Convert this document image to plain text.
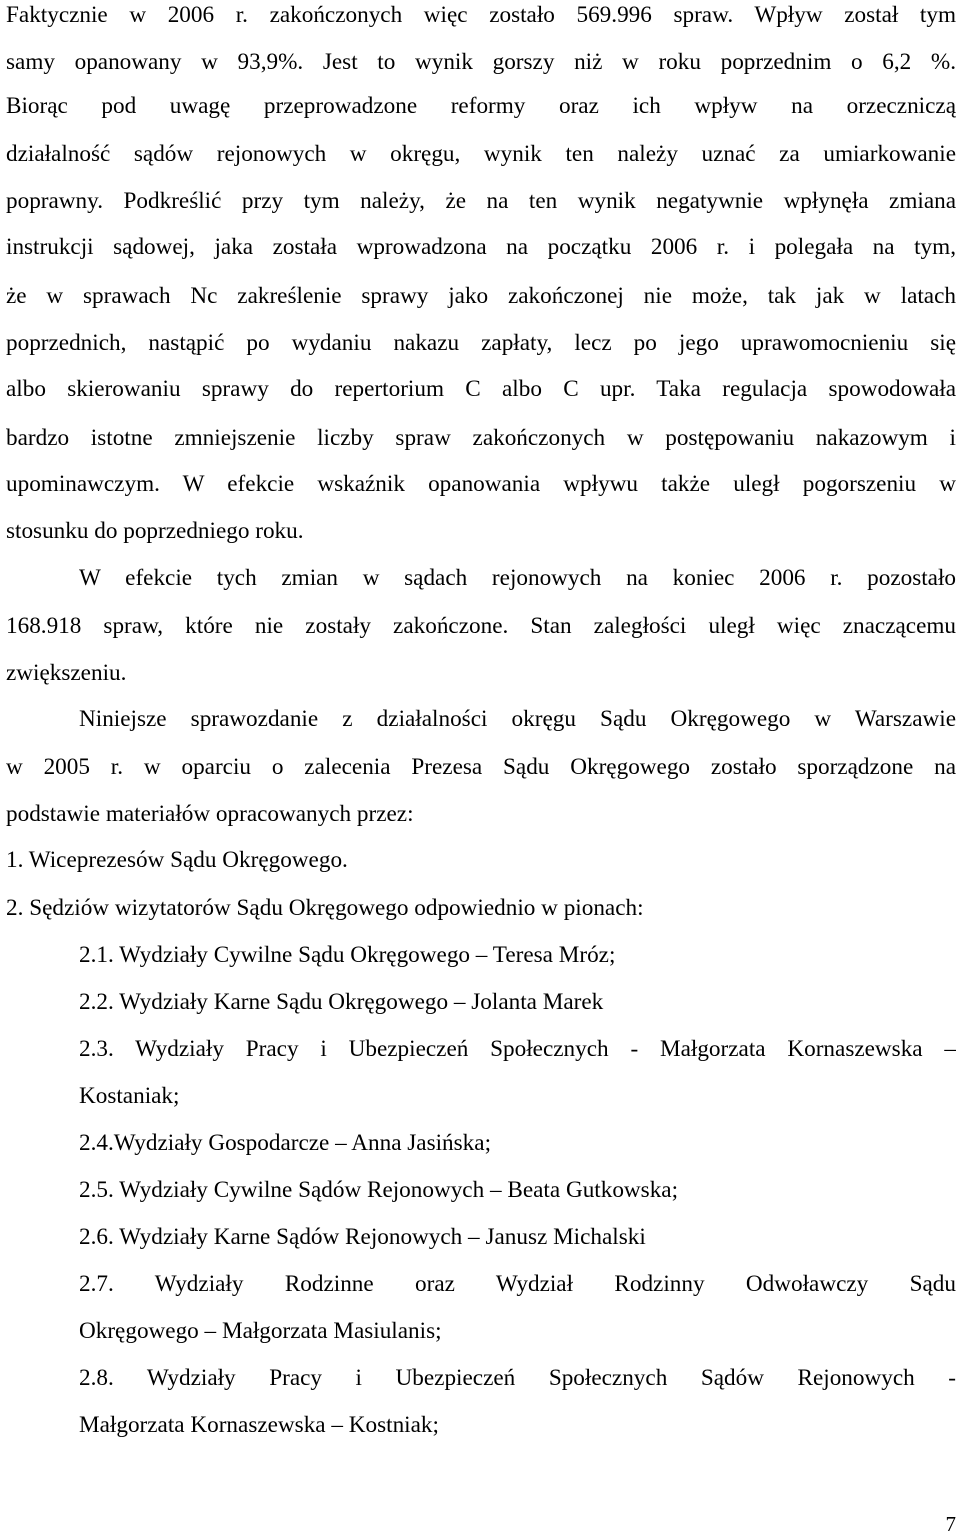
Faktycznie w 2006 r. zakończonych więc zostało 569.996 spraw. Wpływ został tym
samy opanowany w 93,9%. Jest to wynik gorszy niż w roku poprzednim o 6,2 %.
Biorąc pod uwagę przeprowadzone reformy oraz ich wpływ na orzeczniczą
działalność sądów rejonowych w okręgu, wynik ten należy uznać za umiarkowanie
poprawny. Podkreślić przy tym należy, że na ten wynik negatywnie wpłynęła zmiana
instrukcji sądowej, jaka została wprowadzona na początku 2006 r. i polegała na tym,
że w sprawach Nc zakreślenie sprawy jako zakończonej nie może, tak jak w latach
poprzednich, nastąpić po wydaniu nakazu zapłaty, lecz po jego uprawomocnieniu się
albo skierowaniu sprawy do repertorium C albo C upr. Taka regulacja spowodowała
bardzo istotne zmniejszenie liczby spraw zakończonych w postępowaniu nakazowym i
upominawczym. W efekcie wskaźnik opanowania wpływu także uległ pogorszeniu w
stosunku do poprzedniego roku.
W efekcie tych zmian w sądach rejonowych na koniec 2006 r. pozostało
168.918 spraw, które nie zostały zakończone. Stan zaległości uległ więc znaczącemu
zwiększeniu.
Niniejsze sprawozdanie z działalności okręgu Sądu Okręgowego w Warszawie
w 2005 r. w oparciu o zalecenia Prezesa Sądu Okręgowego zostało sporządzone na
podstawie materiałów opracowanych przez:
1. Wiceprezesów Sądu Okręgowego.
2. Sędziów wizytatorów Sądu Okręgowego odpowiednio w pionach:
2.1. Wydziały Cywilne Sądu Okręgowego – Teresa Mróz;
2.2. Wydziały Karne Sądu Okręgowego – Jolanta Marek
2.3. Wydziały Pracy i Ubezpieczeń Społecznych - Małgorzata Kornaszewska –
Kostaniak;
2.4.Wydziały Gospodarcze – Anna Jasińska;
2.5. Wydziały Cywilne Sądów Rejonowych – Beata Gutkowska;
2.6. Wydziały Karne Sądów Rejonowych – Janusz Michalski
2.7. Wydziały Rodzinne oraz Wydział Rodzinny Odwoławczy Sądu
Okręgowego – Małgorzata Masiulanis;
2.8. Wydziały Pracy i Ubezpieczeń Społecznych Sądów Rejonowych -
Małgorzata Kornaszewska – Kostniak;
7
